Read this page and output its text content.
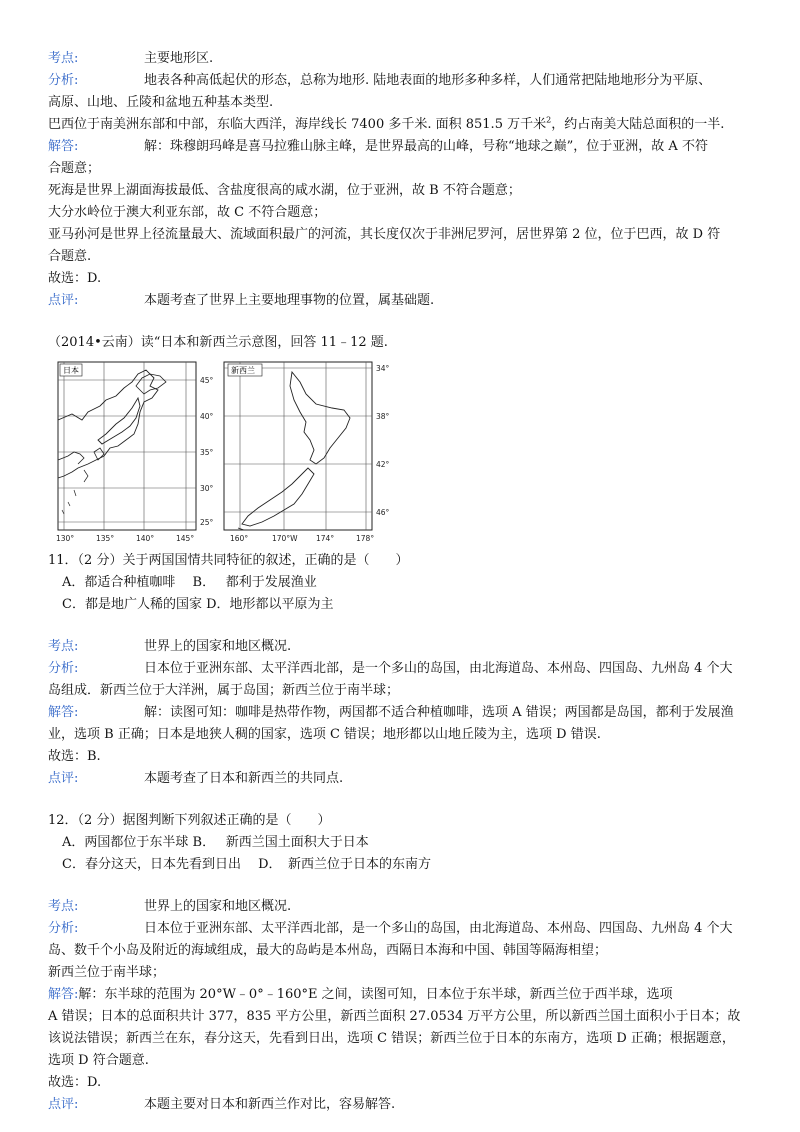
考点:	主要地形区.
分析:	地表各种高低起伏的形态，总称为地形. 陆地表面的地形多种多样，人们通常把陆地地形分为平原、

高原、山地、丘陵和盆地五种基本类型.

巴西位于南美洲东部和中部，东临大西洋，海岸线长 7400 多千米. 面积 851.5 万千米$^2$，约占南美大陆总面积的一半.

解答:	解：珠穆朗玛峰是喜马拉雅山脉主峰，是世界最高的山峰，号称“地球之巅”，位于亚洲，故 A 不符

合题意；

死海是世界上湖面海拔最低、含盐度很高的咸水湖，位于亚洲，故 B 不符合题意；

大分水岭位于澳大利亚东部，故 C 不符合题意；

亚马孙河是世界上径流量最大、流域面积最广的河流，其长度仅次于非洲尼罗河，居世界第 2 位，位于巴西，故 D 符

合题意.

故选：D.

点评:	本题考查了世界上主要地理事物的位置，属基础题.

（2014•云南）读“日本和新西兰示意图，回答 11﹣12 题.

日本
45°
40°
35°
30°
25°
130°	135°	140°	145°
新西兰	34°
38°
42°
46°
160°	170°W 174°	178°

11．（2 分）关于两国国情共同特征的叙述，正确的是（　　）

A．都适合种植咖啡　 B．　 都利于发展渔业

C．都是地广人稀的国家 D．地形都以平原为主

考点:	世界上的国家和地区概况.
分析:	日本位于亚洲东部、太平洋西北部，是一个多山的岛国，由北海道岛、本州岛、四国岛、九州岛 4 个大

岛组成．新西兰位于大洋洲，属于岛国；新西兰位于南半球；

解答:	解：读图可知：咖啡是热带作物，两国都不适合种植咖啡，选项 A 错误；两国都是岛国，都利于发展渔

业，选项 B 正确；日本是地狭人稠的国家，选项 C 错误；地形都以山地丘陵为主，选项 D 错误.

故选：B.

点评:	本题考查了日本和新西兰的共同点.

12．（2 分）据图判断下列叙述正确的是（　　）

A．两国都位于东半球 B．　 新西兰国土面积大于日本

C．春分这天，日本先看到日出　 D．　新西兰位于日本的东南方

考点:	世界上的国家和地区概况.
分析:	日本位于亚洲东部、太平洋西北部，是一个多山的岛国，由北海道岛、本州岛、四国岛、九州岛 4 个大

岛、数千个小岛及附近的海域组成，最大的岛屿是本州岛，西隔日本海和中国、韩国等隔海相望；

新西兰位于南半球；

解答:解：东半球的范围为 20°W﹣0°﹣160°E 之间，读图可知，日本位于东半球，新西兰位于西半球，选项

A 错误；日本的总面积共计 377，835 平方公里，新西兰面积 27.0534 万平方公里，所以新西兰国土面积小于日本；故

该说法错误；新西兰在东，春分这天，先看到日出，选项 C 错误；新西兰位于日本的东南方，选项 D 正确；根据题意，

选项 D 符合题意.

故选：D.

点评:	本题主要对日本和新西兰作对比，容易解答.
